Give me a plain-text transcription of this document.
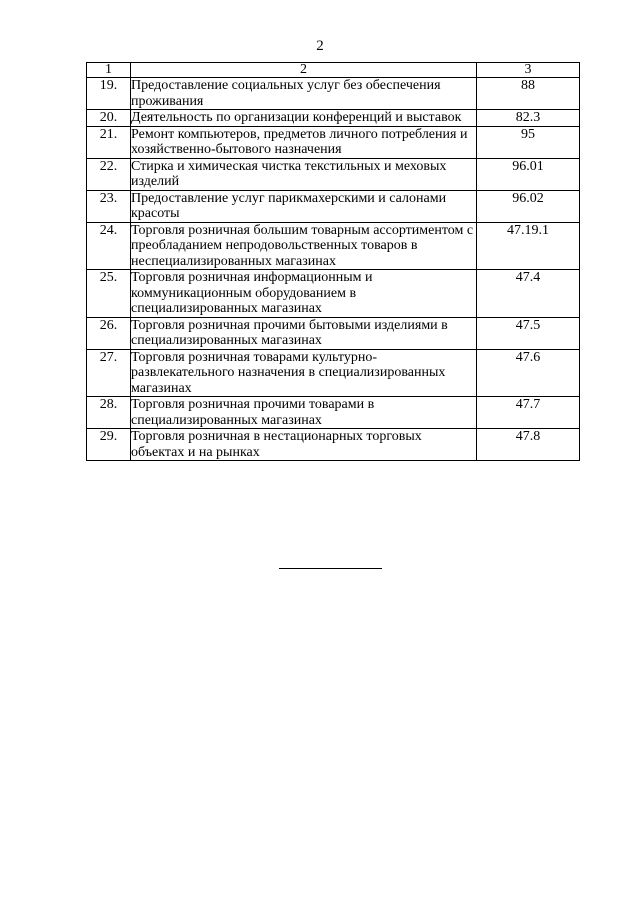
2
1	2	3
19.	Предоставление социальных услуг без обеспечения проживания	88
20.	Деятельность по организации конференций и выставок	82.3
21.	Ремонт компьютеров, предметов личного потребления и хозяйственно-бытового назначения	95
22.	Стирка и химическая чистка текстильных и меховых изделий	96.01
23.	Предоставление услуг парикмахерскими и салонами красоты	96.02
24.	Торговля розничная большим товарным ассортиментом с преобладанием непродовольственных товаров в неспециализированных магазинах	47.19.1
25.	Торговля розничная информационным и коммуникационным оборудованием в специализированных магазинах	47.4
26.	Торговля розничная прочими бытовыми изделиями в специализированных магазинах	47.5
27.	Торговля розничная товарами культурно-развлекательного назначения в специализированных магазинах	47.6
28.	Торговля розничная прочими товарами в специализированных магазинах	47.7
29.	Торговля розничная в нестационарных торговых объектах и на рынках	47.8
